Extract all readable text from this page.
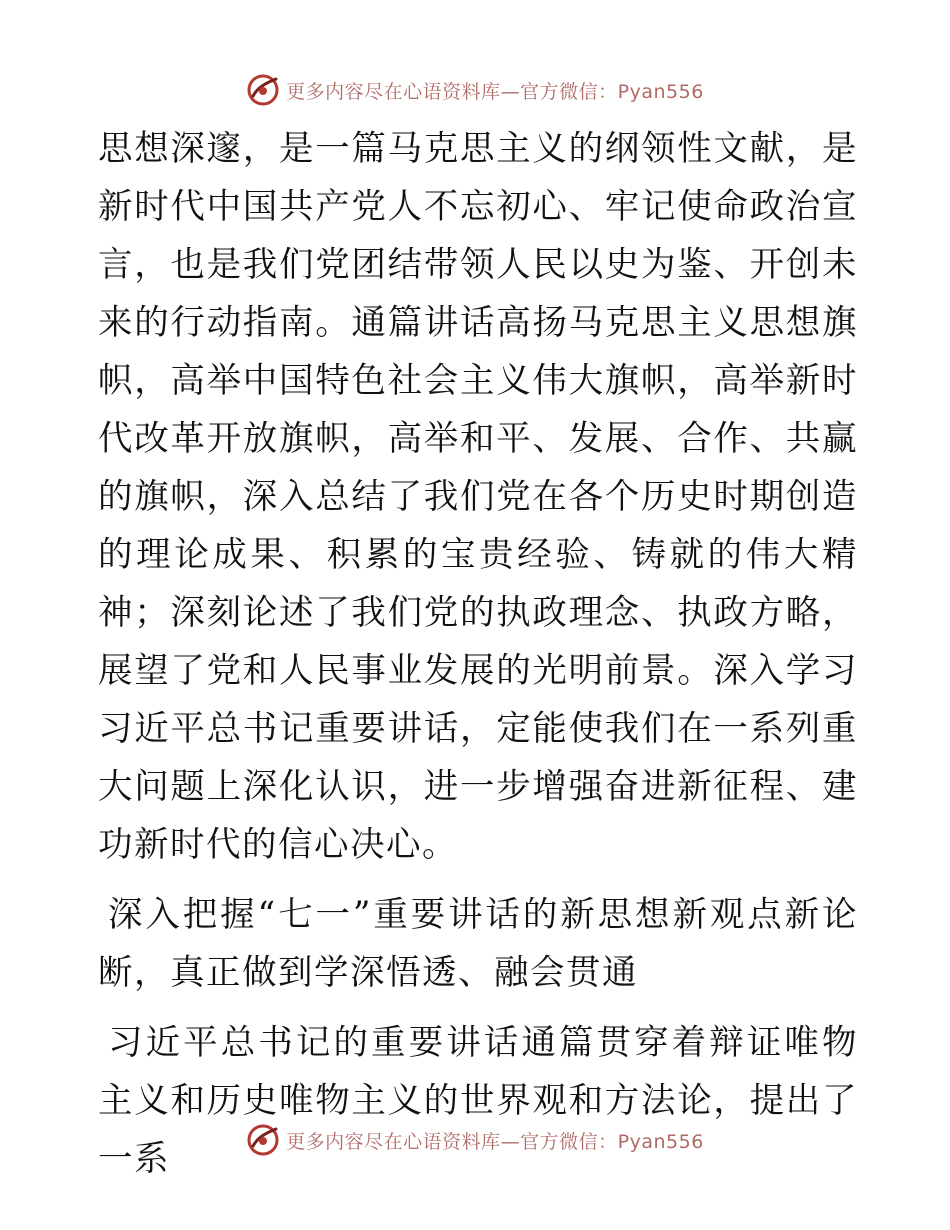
更多内容尽在心语资料库—官方微信：Pyan556

思想深邃，是一篇马克思主义的纲领性文献，是新时代中国共产党人不忘初心、牢记使命政治宣言，也是我们党团结带领人民以史为鉴、开创未来的行动指南。通篇讲话高扬马克思主义思想旗帜，高举中国特色社会主义伟大旗帜，高举新时代改革开放旗帜，高举和平、发展、合作、共赢的旗帜，深入总结了我们党在各个历史时期创造的理论成果、积累的宝贵经验、铸就的伟大精神；深刻论述了我们党的执政理念、执政方略，展望了党和人民事业发展的光明前景。深入学习习近平总书记重要讲话，定能使我们在一系列重大问题上深化认识，进一步增强奋进新征程、建功新时代的信心决心。

深入把握“七一”重要讲话的新思想新观点新论断，真正做到学深悟透、融会贯通

习近平总书记的重要讲话通篇贯穿着辩证唯物主义和历史唯物主义的世界观和方法论，提出了一系	更多内容尽在心语资料库—官方微信：Pyan556
